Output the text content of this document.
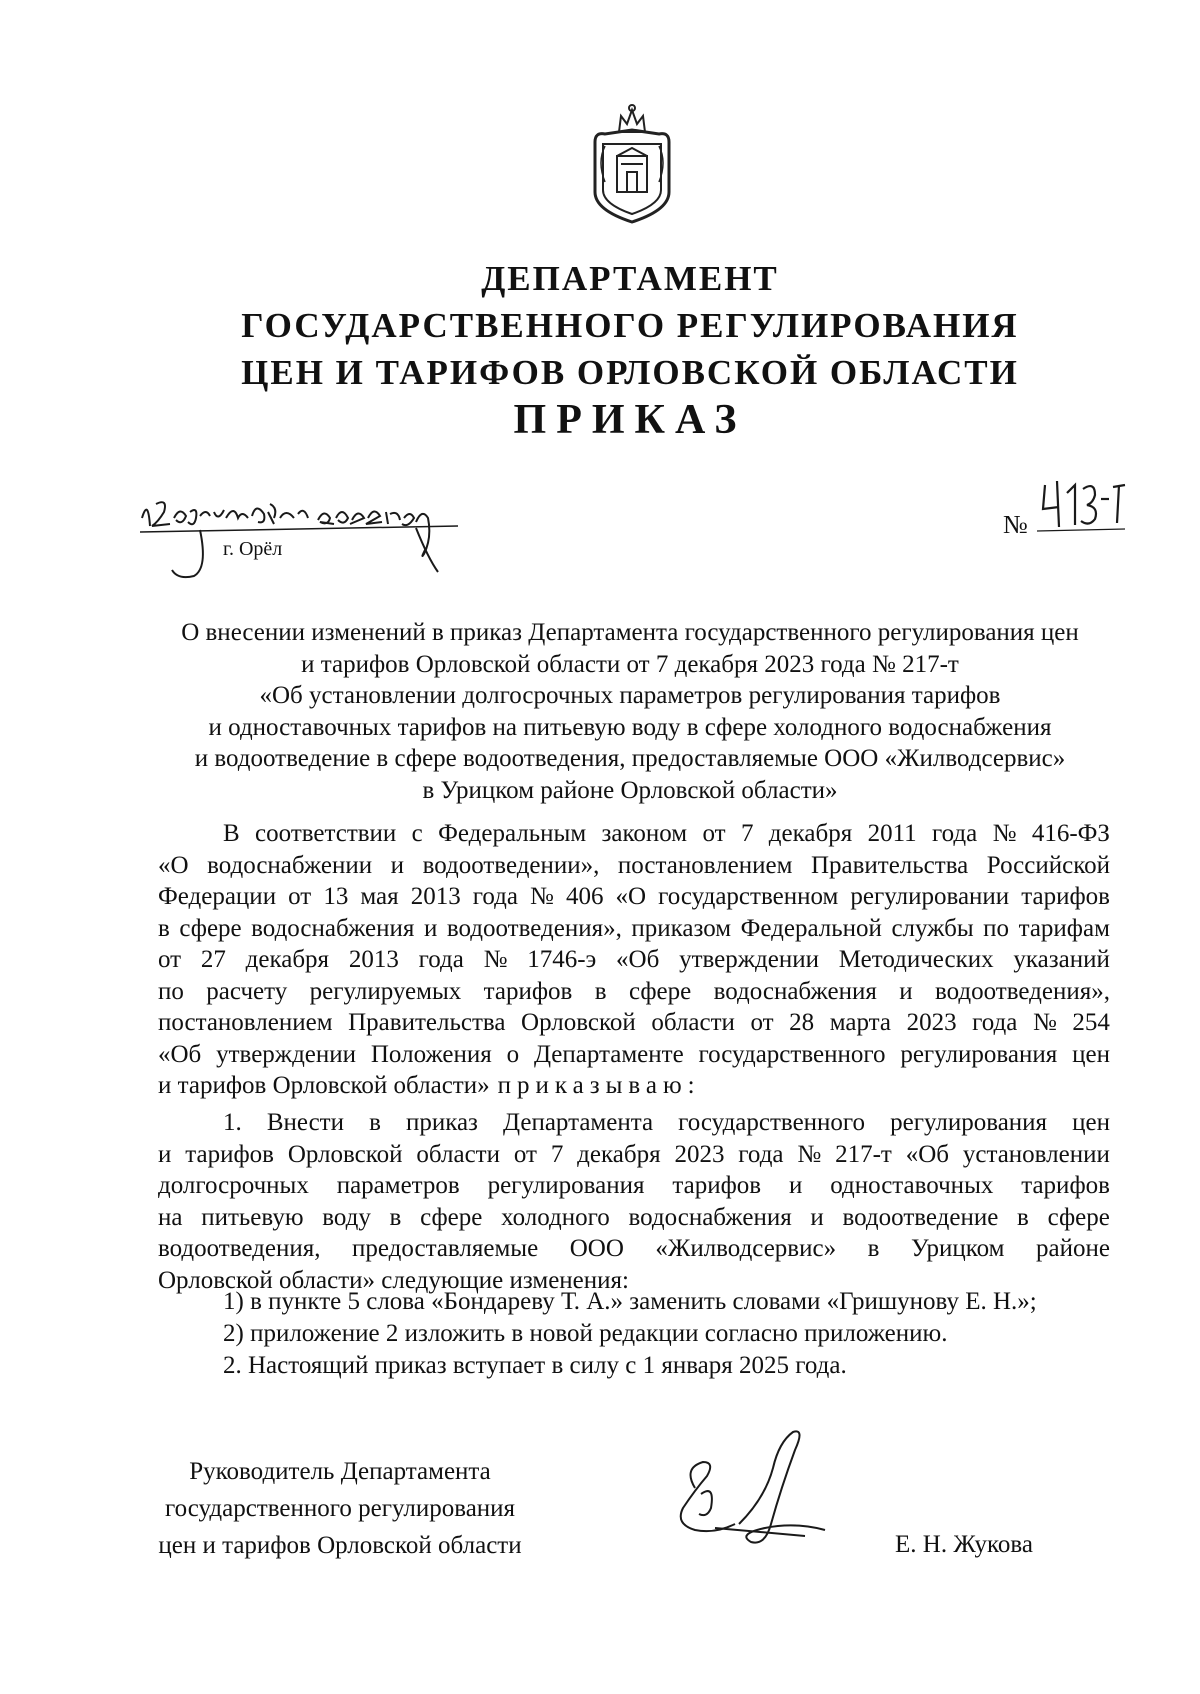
ДЕПАРТАМЕНТ
ГОСУДАРСТВЕННОГО РЕГУЛИРОВАНИЯ
ЦЕН И ТАРИФОВ ОРЛОВСКОЙ ОБЛАСТИ
ПРИКАЗ
г. Орёл
№
О внесении изменений в приказ Департамента государственного регулирования цен
и тарифов Орловской области от 7 декабря 2023 года № 217-т
«Об установлении долгосрочных параметров регулирования тарифов
и одноставочных тарифов на питьевую воду в сфере холодного водоснабжения
и водоотведение в сфере водоотведения, предоставляемые ООО «Жилводсервис»
в Урицком районе Орловской области»
В соответствии с Федеральным законом от 7 декабря 2011 года № 416-ФЗ
«О водоснабжении и водоотведении», постановлением Правительства Российской
Федерации от 13 мая 2013 года № 406 «О государственном регулировании тарифов
в сфере водоснабжения и водоотведения», приказом Федеральной службы по тарифам
от 27 декабря 2013 года № 1746-э «Об утверждении Методических указаний
по расчету регулируемых тарифов в сфере водоснабжения и водоотведения»,
постановлением Правительства Орловской области от 28 марта 2023 года № 254
«Об утверждении Положения о Департаменте государственного регулирования цен
и тарифов Орловской области» приказываю:
1. Внести в приказ Департамента государственного регулирования цен
и тарифов Орловской области от 7 декабря 2023 года № 217-т «Об установлении
долгосрочных параметров регулирования тарифов и одноставочных тарифов
на питьевую воду в сфере холодного водоснабжения и водоотведение в сфере
водоотведения, предоставляемые ООО «Жилводсервис» в Урицком районе
Орловской области» следующие изменения:
1) в пункте 5 слова «Бондареву Т. А.» заменить словами «Гришунову Е. Н.»;
2) приложение 2 изложить в новой редакции согласно приложению.
2. Настоящий приказ вступает в силу с 1 января 2025 года.
Руководитель Департамента
государственного регулирования
цен и тарифов Орловской области	Е. Н. Жукова
